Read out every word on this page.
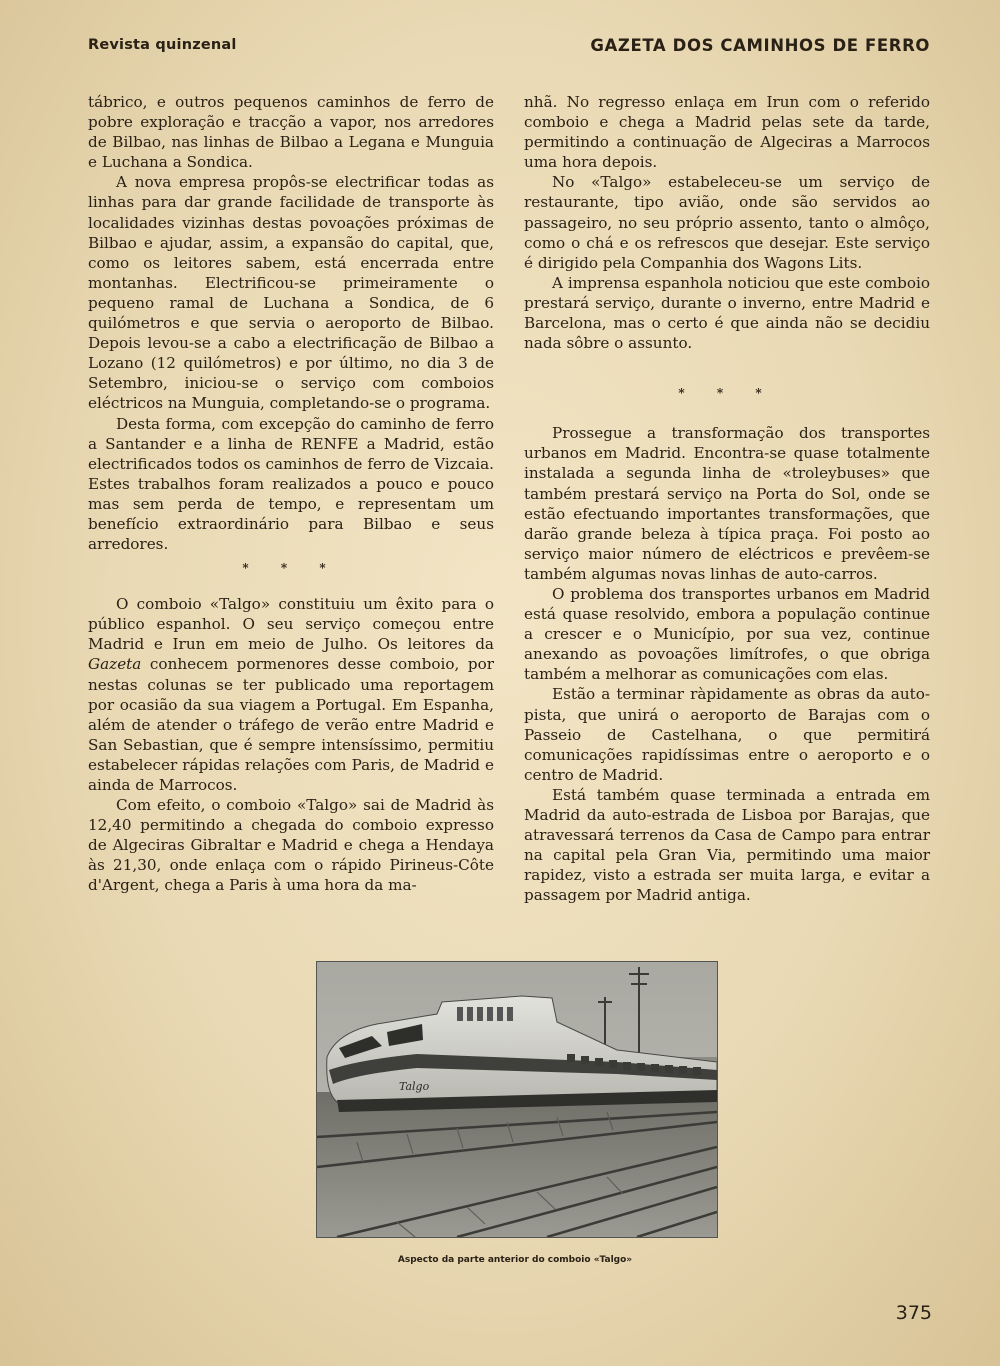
Revista quinzenal	GAZETA DOS CAMINHOS DE FERRO

tábrico, e outros pequenos caminhos de ferro de pobre exploração e tracção a vapor, nos arredores de Bilbao, nas linhas de Bilbao a Legana e Munguia e Luchana a Sondica.

A nova empresa propôs-se electrificar todas as linhas para dar grande facilidade de transporte às localidades vizinhas destas povoações próximas de Bilbao e ajudar, assim, a expansão do capital, que, como os leitores sabem, está encerrada entre montanhas. Electrificou-se primeiramente o pequeno ramal de Luchana a Sondica, de 6 quilómetros e que servia o aeroporto de Bilbao. Depois levou-se a cabo a electrificação de Bilbao a Lozano (12 quilómetros) e por último, no dia 3 de Setembro, iniciou-se o serviço com comboios eléctricos na Munguia, completando-se o programa.

Desta forma, com excepção do caminho de ferro a Santander e a linha de RENFE a Madrid, estão electrificados todos os caminhos de ferro de Vizcaia. Estes trabalhos foram realizados a pouco e pouco mas sem perda de tempo, e representam um benefício extraordinário para Bilbao e seus arredores.

* * *

O comboio «Talgo» constituiu um êxito para o público espanhol. O seu serviço começou entre Madrid e Irun em meio de Julho. Os leitores da Gazeta conhecem pormenores desse comboio, por nestas colunas se ter publicado uma reportagem por ocasião da sua viagem a Portugal. Em Espanha, além de atender o tráfego de verão entre Madrid e San Sebastian, que é sempre intensíssimo, permitiu estabelecer rápidas relações com Paris, de Madrid e ainda de Marrocos.

Com efeito, o comboio «Talgo» sai de Madrid às 12,40 permitindo a chegada do comboio expresso de Algeciras Gibraltar e Madrid e chega a Hendaya às 21,30, onde enlaça com o rápido Pirineus-Côte d'Argent, chega a Paris à uma hora da ma-

nhã. No regresso enlaça em Irun com o referido comboio e chega a Madrid pelas sete da tarde, permitindo a continuação de Algeciras a Marrocos uma hora depois.

No «Talgo» estabeleceu-se um serviço de restaurante, tipo avião, onde são servidos ao passageiro, no seu próprio assento, tanto o almôço, como o chá e os refrescos que desejar. Este serviço é dirigido pela Companhia dos Wagons Lits.

A imprensa espanhola noticiou que este comboio prestará serviço, durante o inverno, entre Madrid e Barcelona, mas o certo é que ainda não se decidiu nada sôbre o assunto.

* * *

Prossegue a transformação dos transportes urbanos em Madrid. Encontra-se quase totalmente instalada a segunda linha de «troleybuses» que também prestará serviço na Porta do Sol, onde se estão efectuando importantes transformações, que darão grande beleza à típica praça. Foi posto ao serviço maior número de eléctricos e prevêem-se também algumas novas linhas de auto-carros.

O problema dos transportes urbanos em Madrid está quase resolvido, embora a população continue a crescer e o Município, por sua vez, continue anexando as povoações limítrofes, o que obriga também a melhorar as comunicações com elas.

Estão a terminar ràpidamente as obras da auto-pista, que unirá o aeroporto de Barajas com o Passeio de Castelhana, o que permitirá comunicações rapidíssimas entre o aeroporto e o centro de Madrid.

Está também quase terminada a entrada em Madrid da auto-estrada de Lisboa por Barajas, que atravessará terrenos da Casa de Campo para entrar na capital pela Gran Via, permitindo uma maior rapidez, visto a estrada ser muita larga, e evitar a passagem por Madrid antiga.

Talgo
Aspecto da parte anterior do comboio «Talgo»
375
